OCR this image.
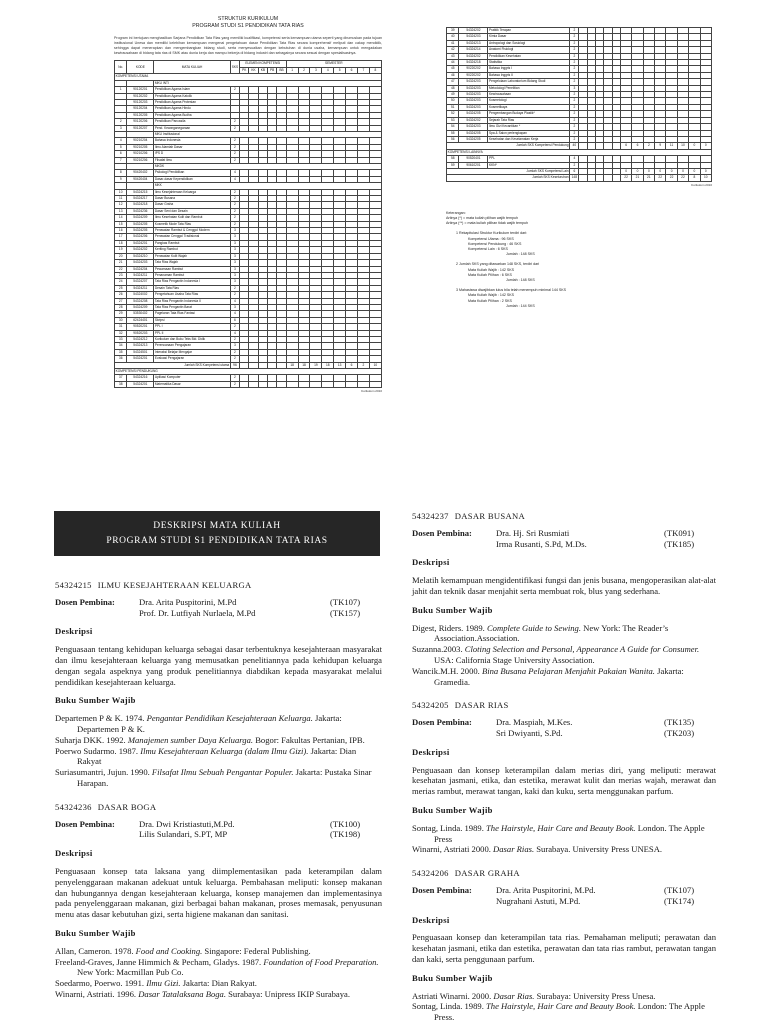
STRUKTUR KURIKULUM
PROGRAM STUDI S1 PENDIDIKAN TATA RIAS

Program ini bertujuan menghasilkan Sarjana Pendidikan Tata Rias yang memiliki kualifikasi, kompetensi serta kemampuan utama seperti yang dirumuskan pada tujuan institusional Unesa dan memiliki kelebihan kemampuan mengenai pengetahuan dasar Pendidikan Tata Rias secara komprehensif meliputi dan cakap mendidik, sehingga dapat menerapkan dan mengembangkan bidang studi, serta menyesuaikan dengan kebutuhan di dunia usaha, kemampuan untuk mengadakan kewirausahaan di bidang tata rias di SMK atau dunia kerja dan mampu bekerja di bidang industri dan sebagainya secara sesuai dengan spesialisasinya.

No.	KODE	MATA KULIAH	SKS	ELEMEN KOMPETENSI					SEMESTER							
				PK	KK	KB	PB	BB	1	2	3	4	5	6	7	8
KOMPETENSI UTAMA																
		MKU INTI														
1	90120201	Pendidikan Agama Islam	2													
	90120202	Pendidikan Agama Katolik														
	90120203	Pendidikan Agama Protestan														
	90120204	Pendidikan Agama Hindu														
	90120205	Pendidikan Agama Budha														
2	90120206	Pendidikan Pancasila	2													
3	90120207	Pend. Kewarganegaraan	2													
		MKU Institusional														
4	90210204	Bahasa Indonesia	2													
5	90210205	Ilmu Alamiah Dasar	2													
6	90210206	IPS D	2													
7	90210206	Filsafat Ilmu	2													
		MKDK														
8	90420402	Psikologi Pendidikan	4													
9	90420404	Dasar-dasar Kependidikan	4													
		MKK														
10	54324215	Ilmu Kesejahteraan Keluarga	2													
11	54324217	Dasar Busana	2													
12	54324218	Dasar Graha	2													
13	54324236	Dasar Seni dan Desain	2													
14	54324209	Ilmu Kesehatan Kulit dan Rambut	2													
15	54324205	Kosmetik Mode Tata Rias	2													
16	54324205	Perawatan Rambut & Cenggol Modern	3													
17	54324206	Perawatan Cenggol Tradisional	3													
18	54324201	Pangkas Rambut	3													
19	54324202	Keriting Rambut	3													
20	54324210	Perawatan Kulit Wajah	3													
21	54324203	Tata Rias Wajah	3													
22	54324204	Pewarnaan Rambut	3													
23	54324211	Penanaman Rambut	3													
24	54324207	Tata Rias Pengantin Indonesia I	3													
25	54324211	Desain Tata Rias	2													
26	54324002	Pengetahuan Usaha Tata Rias	2													
27	54324208	Tata Rias Pengantin Indonesia II	4													
28	54324209	Tata Rias Pengantin Barat	3													
29	53530402	Pagelaran Tata Rias Fantasi	4													
30	62424401	Skripsi	6													
31	90520201	PPL I	2													
32	90520203	PPL II	4													
33	54324212	Kurikulum dan Buku Teks Bid. Didik	2													
34	54324213	Perencanaan Pengajaran	3													
35	54324501	Interaksi Belajar Mengajar	2													
36	54324201	Evaluasi Pengajaran	2													
Jumlah SKS Kompetensi utama			96						18	18	19	18	13	6	2	10
KOMPETENSI PENDUKUNG																
37	54324216	Aplikasi Komputer	2													
38	54324201	Matematika Dasar	2													
Kurikulum 2010
39	54324202	Praktik Terapan	2													
40	54324203	Kimia Dasar	2													
41	54324213	Antropologi dan Sosiologi	2													
42	54324214	Anatomi Fisiologi	2													
43	54324202	Pendidikan Kesehatan	2													
44	54324218	Statistika	2													
45	90220202	Bahasa Inggris I	2													
46	90220202	Bahasa Inggris II	2													
47	54324203	Pengelolaan Laboratorium Bidang Studi	2													
48	54324203	Metodologi Penelitian	3													
49	54324203	Kewirausahaan	2													
50	54324203	Kosmetologi	2													
51	54324203	Kosmetikaya	2													
52	54324205	Pengembangan Budaya Plastik*	2													
53	54324202	Sejarah Tata Rias	2													
54	54324203	Ilmu Gizi Kecantikan *	2													
55	54324205	Spa & Salon perlengkapan	2													
56	54324205	Kesehatan dan Keselamatan Kerja	2													
Jumlah SKS Kompetensi Pendukung			40						6	6	2	9	11	10	0	0
KOMPETENSI LAINNYA																
58	90520401	PPL	4													
59	90610201	KKN*	2													
Jumlah SKS Kompetensi Lain			6						0	0	0	0	0	0	0	0
Jumlah SKS Keseluruhan			148						22	21	21	22	22	22	8	10
Kurikulum 2010
Keterangan:
Artinya (*) = mata kuliah pilihan wajib tempuh
Artinya (**) = mata kuliah pilihan tidak wajib tempuh
1 Rekapitulasi Struktur Kurikulum terdiri dari:
Kompetensi Utama : 96 SKS
Kompetensi Pendukung : 46 SKS
Kompetensi Lain : 6 SKS
Jumlah : 148 SKS
2 Jumlah SKS yang ditawarkan 148 SKS, terdiri dari
Mata Kuliah Wajib : 142 SKS
Mata Kuliah Pilihan : 6 SKS
Jumlah : 148 SKS
3 Mahasiswa diwajibkan lulus bila telah menempuh minimal 144 SKS
Mata Kuliah Wajib : 142 SKS
Mata Kuliah Pilihan : 2 SKS
Jumlah : 144 SKS
DESKRIPSI MATA KULIAH
PROGRAM STUDI S1 PENDIDIKAN TATA RIAS
54324215 ILMU KESEJAHTERAAN KELUARGA
Dosen Pembina:	Dra. Arita Puspitorini, M.Pd	(TK107)
Prof. Dr. Lutfiyah Nurlaela, M.Pd	(TK157)
Deskripsi

Penguasaan tentang kehidupan keluarga sebagai dasar terbentuknya kesejahteraan masyarakat dan ilmu kesejahteraan keluarga yang memusatkan penelitiannya pada kehidupan keluarga dengan segala aspeknya yang produk penelitiannya diabdikan kepada masyarakat melalui pendidikan kesejahteraan keluarga.

Buku Sumber Wajib
Departemen P & K. 1974. Pengantar Pendidikan Kesejahteraan Keluarga. Jakarta: Departemen P & K.
Suharja DKK. 1992. Manajemen sumber Daya Keluarga. Bogor: Fakultas Pertanian, IPB.
Poerwo Sudarmo. 1987. Ilmu Kesejahteraan Keluarga (dalam Ilmu Gizi). Jakarta: Dian Rakyat
Suriasumantri, Jujun. 1990. Filsafat Ilmu Sebuah Pengantar Populer. Jakarta: Pustaka Sinar Harapan.
54324236 DASAR BOGA
Dosen Pembina:	Dra. Dwi Kristiastuti,M.Pd.	(TK100)
Lilis Sulandari, S.PT, MP	(TK198)
Deskripsi

Penguasaan konsep tata laksana yang diimplementasikan pada keterampilan dalam penyelenggaraan makanan adekuat untuk keluarga. Pembahasan meliputi: konsep makanan dan hubungannya dengan kesejahteraan keluarga, konsep manajemen dan implementasinya pada penyelenggaraan makanan, gizi berbagai bahan makanan, proses memasak, penyusunan menu atas dasar kebutuhan gizi, serta higiene makanan dan sanitasi.

Buku Sumber Wajib
Allan, Cameron. 1978. Food and Cooking. Singapore: Federal Publishing.
Freeland-Graves, Janne Himmich & Pecham, Gladys. 1987. Foundation of Food Preparation. New York: Macmillan Pub Co.
Soedarmo, Poerwo. 1991. Ilmu Gizi. Jakarta: Dian Rakyat.
Winarni, Astriati. 1996. Dasar Tatalaksana Boga. Surabaya: Unipress IKIP Surabaya.
54324237 DASAR BUSANA
Dosen Pembina:	Dra. Hj. Sri Rusmiati	(TK091)
Irma Rusanti, S.Pd, M.Ds.	(TK185)
Deskripsi

Melatih kemampuan mengidentifikasi fungsi dan jenis busana, mengoperasikan alat-alat jahit dan teknik dasar menjahit serta membuat rok, blus yang sederhana.

Buku Sumber Wajib
Digest, Riders. 1989. Complete Guide to Sewing. New York: The Reader’s Association.Association.
Suzanna.2003. Cloting Selection and Personal, Appearance A Guide for Consumer. USA: California Stage University Association.
Wancik.M.H. 2000. Bina Busana Pelajaran Menjahit Pakaian Wanita. Jakarta: Gramedia.
54324205 DASAR RIAS
Dosen Pembina:	Dra. Maspiah, M.Kes.	(TK135)
Sri Dwiyanti, S.Pd.	(TK203)
Deskripsi

Penguasaan dan konsep keterampilan dalam merias diri, yang meliputi: merawat kesehatan jasmani, etika, dan estetika, merawat kulit dan merias wajah, merawat dan merias rambut, merawat tangan, kaki dan kuku, serta menggunakan parfum.

Buku Sumber Wajib
Sontag, Linda. 1989. The Hairstyle, Hair Care and Beauty Book. London. The Apple Press
Winarni, Astriati 2000. Dasar Rias. Surabaya. University Press UNESA.
54324206 DASAR GRAHA
Dosen Pembina:	Dra. Arita Puspitorini, M.Pd.	(TK107)
Nugrahani Astuti, M.Pd.	(TK174)
Deskripsi

Penguasaan konsep dan keterampilan tata rias. Pemahaman meliputi; perawatan dan kesehatan jasmani, etika dan estetika, perawatan dan tata rias rambut, perawatan tangan dan kaki, serta penggunaan parfum.

Buku Sumber Wajib
Astriati Winarni. 2000. Dasar Rias. Surabaya: University Press Unesa.
Sontag, Linda. 1989. The Hairstyle, Hair Care and Beauty Book. London: The Apple Press.
